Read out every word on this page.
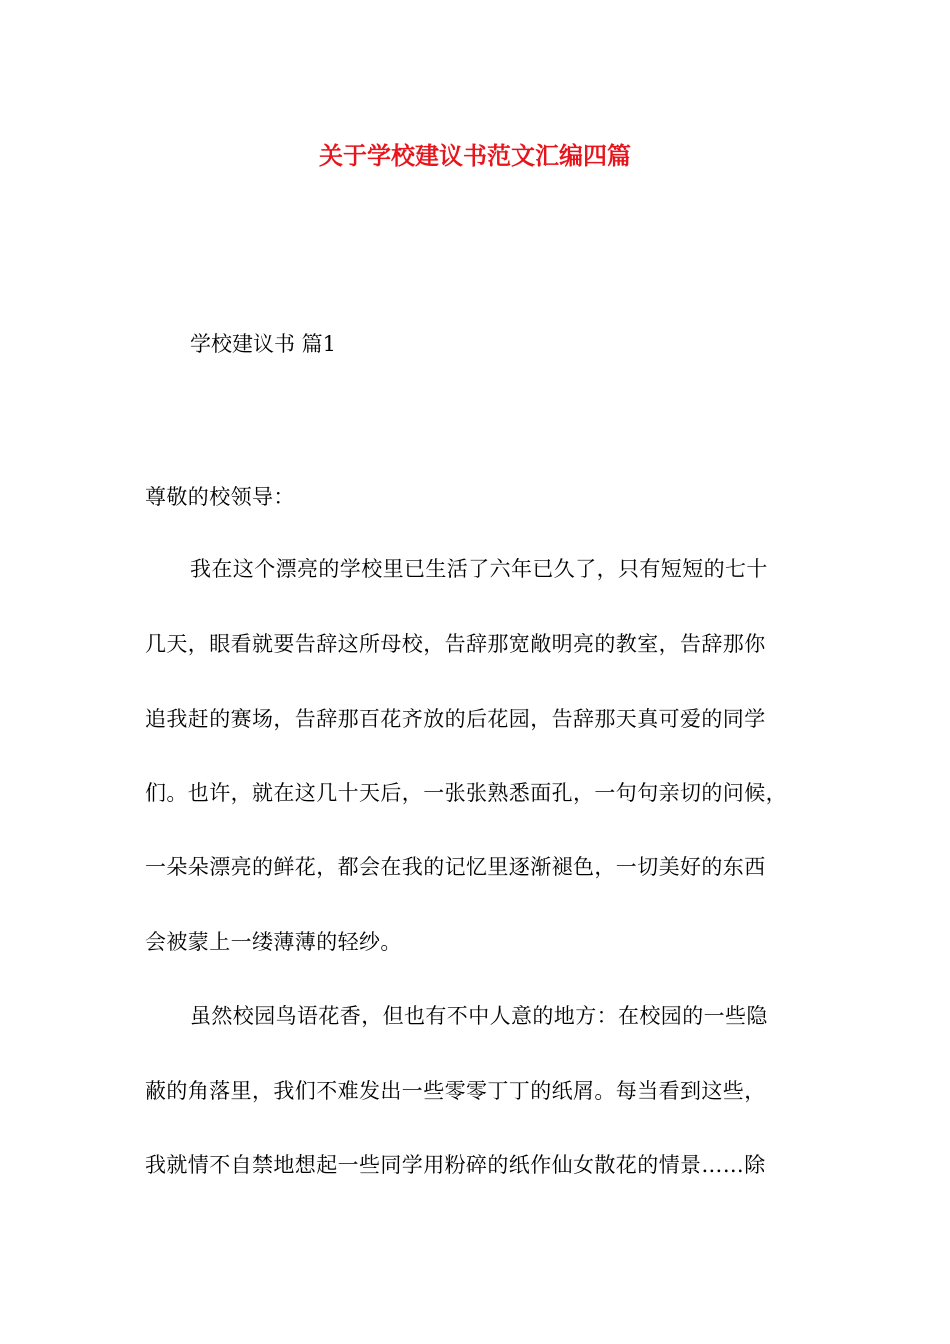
关于学校建议书范文汇编四篇
学校建议书 篇1
尊敬的校领导：
我在这个漂亮的学校里已生活了六年已久了，只有短短的七十
几天，眼看就要告辞这所母校，告辞那宽敞明亮的教室，告辞那你
追我赶的赛场，告辞那百花齐放的后花园，告辞那天真可爱的同学
们。也许，就在这几十天后，一张张熟悉面孔，一句句亲切的问候，
一朵朵漂亮的鲜花，都会在我的记忆里逐渐褪色，一切美好的东西
会被蒙上一缕薄薄的轻纱。
虽然校园鸟语花香，但也有不中人意的地方：在校园的一些隐
蔽的角落里，我们不难发出一些零零丁丁的纸屑。每当看到这些，
我就情不自禁地想起一些同学用粉碎的纸作仙女散花的情景……除
